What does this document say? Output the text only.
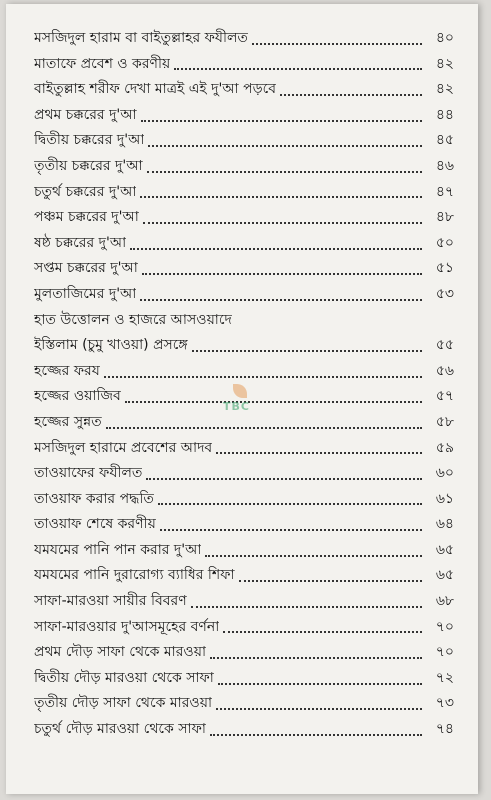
মসজিদুল হারাম বা বাইতুল্লাহর ফযীলত	৪০
মাতাফে প্রবেশ ও করণীয়	৪২
বাইতুল্লাহ শরীফ দেখা মাত্রই এই দু'আ পড়বে	৪২
প্রথম চক্করের দু'আ	৪৪
দ্বিতীয় চক্করের দু'আ	৪৫
তৃতীয় চক্করের দু'আ	৪৬
চতুর্থ চক্করের দু'আ	৪৭
পঞ্চম চক্করের দু'আ	৪৮
ষষ্ঠ চক্করের দু'আ	৫০
সপ্তম চক্করের দু'আ	৫১
মুলতাজিমের দু'আ	৫৩
হাত উত্তোলন ও হাজরে আসওয়াদে
ইস্তিলাম (চুমু খাওয়া) প্রসঙ্গে	৫৫
হজ্জের ফরয	৫৬
হজ্জের ওয়াজিব	৫৭
হজ্জের সুন্নত	৫৮
মসজিদুল হারামে প্রবেশের আদব	৫৯
তাওয়াফের ফযীলত	৬০
তাওয়াফ করার পদ্ধতি	৬১
তাওয়াফ শেষে করণীয়	৬৪
যমযমের পানি পান করার দু'আ	৬৫
যমযমের পানি দুরারোগ্য ব্যাধির শিফা	৬৫
সাফা-মারওয়া সায়ীর বিবরণ	৬৮
সাফা-মারওয়ার দু'আসমূহের বর্ণনা	৭০
প্রথম দৌড় সাফা থেকে মারওয়া	৭০
দ্বিতীয় দৌড় মারওয়া থেকে সাফা	৭২
তৃতীয় দৌড় সাফা থেকে মারওয়া	৭৩
চতুর্থ দৌড় মারওয়া থেকে সাফা	৭৪
TBC
